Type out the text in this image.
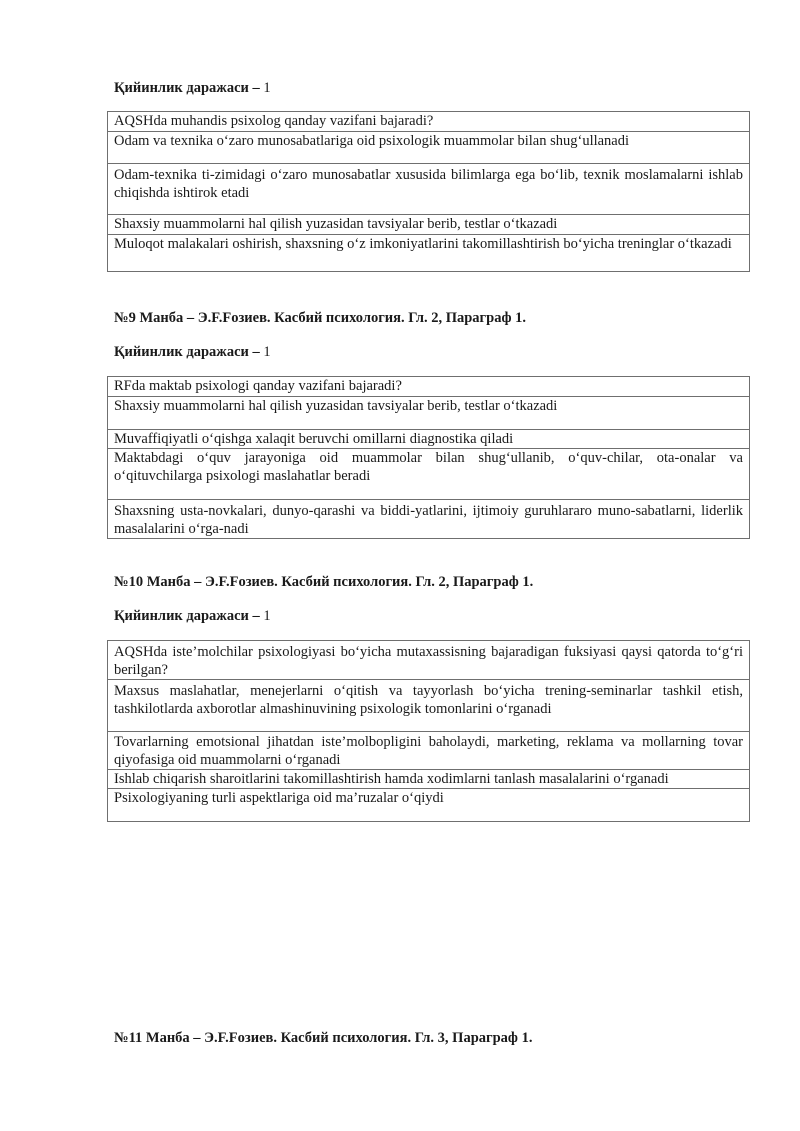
Қийинлик даражаси – 1
AQSHda muhandis psixolog qanday vazifani bajaradi?
Odam va texnika o‘zaro munosabatlariga oid psixologik muammolar bilan shug‘ullanadi
Odam-texnika ti-zimidagi o‘zaro munosabatlar xususida bilimlarga ega bo‘lib, texnik moslamalarni ishlab chiqishda ishtirok etadi
Shaxsiy muammolarni hal qilish yuzasidan tavsiyalar berib, testlar o‘tkazadi
Muloqot malakalari oshirish, shaxsning o‘z imkoniyatlarini takomillashtirish bo‘yicha treninglar o‘tkazadi
№9 Манба – Э.F.Fозиев. Касбий психология. Гл. 2, Параграф 1.
Қийинлик даражаси – 1
RFda maktab psixologi qanday vazifani bajaradi?
Shaxsiy muammolarni hal qilish yuzasidan tavsiyalar berib, testlar o‘tkazadi
Muvaffiqiyatli o‘qishga xalaqit beruvchi omillarni diagnostika qiladi
Maktabdagi o‘quv jarayoniga oid muammolar bilan shug‘ullanib, o‘quv-chilar, ota-onalar va o‘qituvchilarga psixologi maslahatlar beradi
Shaxsning usta-novkalari, dunyo-qarashi va biddi-yatlarini, ijtimoiy guruhlararo muno-sabatlarni, liderlik masalalarini o‘rga-nadi
№10 Манба – Э.F.Fозиев. Касбий психология. Гл. 2, Параграф 1.
Қийинлик даражаси – 1
AQSHda iste’molchilar psixologiyasi bo‘yicha mutaxassisning bajaradigan fuksiyasi qaysi qatorda to‘g‘ri berilgan?
Maxsus maslahatlar, menejerlarni o‘qitish va tayyorlash bo‘yicha trening-seminarlar tashkil etish, tashkilotlarda axborotlar almashinuvining psixologik tomonlarini o‘rganadi
Tovarlarning emotsional jihatdan iste’molbopligini baholaydi, marketing, reklama va mollarning tovar qiyofasiga oid muammolarni o‘rganadi
Ishlab chiqarish sharoitlarini takomillashtirish hamda xodimlarni tanlash masalalarini o‘rganadi
Psixologiyaning turli aspektlariga oid ma’ruzalar o‘qiydi
№11 Манба – Э.F.Fозиев. Касбий психология. Гл. 3, Параграф 1.
